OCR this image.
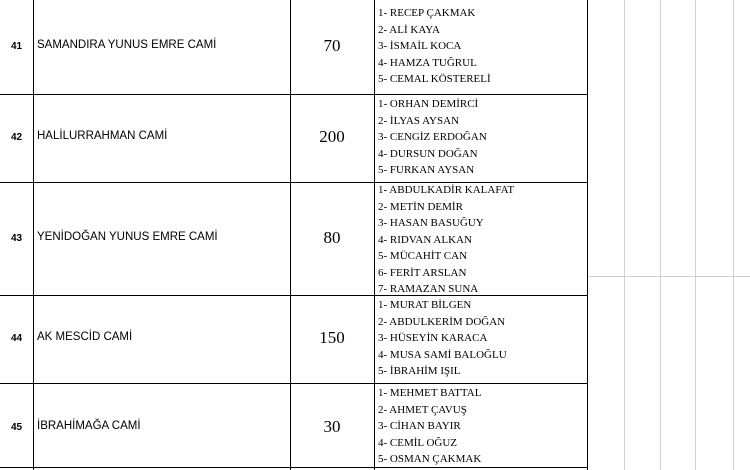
41	SAMANDIRA YUNUS EMRE CAMİ	70
1- RECEP ÇAKMAK
2- ALİ KAYA
3- İSMAİL KOCA
4- HAMZA TUĞRUL
5- CEMAL KÖSTERELİ
42	HALİLURRAHMAN CAMİ	200
1- ORHAN DEMİRCİ
2- İLYAS AYSAN
3- CENGİZ ERDOĞAN
4- DURSUN DOĞAN
5- FURKAN AYSAN
43	YENİDOĞAN YUNUS EMRE CAMİ	80
1- ABDULKADİR KALAFAT
2- METİN DEMİR
3- HASAN BASUĞUY
4- RIDVAN ALKAN
5- MÜCAHİT CAN
6- FERİT ARSLAN
7- RAMAZAN SUNA
44	AK MESCİD CAMİ	150
1- MURAT BİLGEN
2- ABDULKERİM DOĞAN
3- HÜSEYİN KARACA
4- MUSA SAMİ BALOĞLU
5- İBRAHİM IŞIL
45	İBRAHİMAĞA CAMİ	30
1- MEHMET BATTAL
2- AHMET ÇAVUŞ
3- CİHAN BAYIR
4- CEMİL OĞUZ
5- OSMAN ÇAKMAK
